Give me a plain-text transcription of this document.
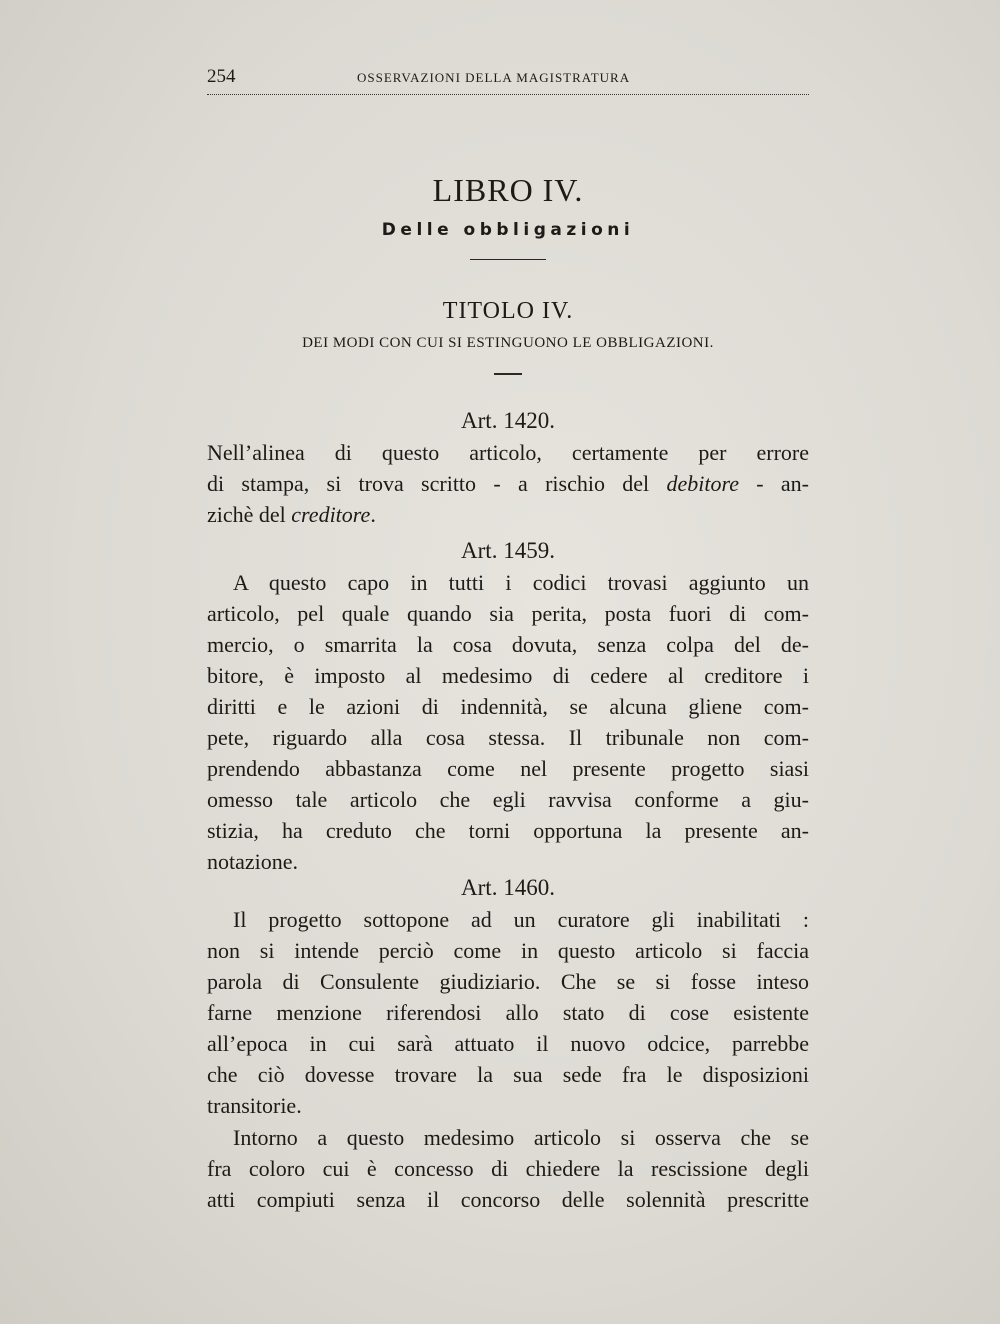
254	OSSERVAZIONI DELLA MAGISTRATURA
LIBRO IV.
Delle obbligazioni
TITOLO IV.
DEI MODI CON CUI SI ESTINGUONO LE OBBLIGAZIONI.
Art. 1420.
Nell’alinea di questo articolo, certamente per errore
di stampa, si trova scritto - a rischio del debitore - an-
zichè del creditore.
Art. 1459.
A questo capo in tutti i codici trovasi aggiunto un
articolo, pel quale quando sia perita, posta fuori di com-
mercio, o smarrita la cosa dovuta, senza colpa del de-
bitore, è imposto al medesimo di cedere al creditore i
diritti e le azioni di indennità, se alcuna gliene com-
pete, riguardo alla cosa stessa. Il tribunale non com-
prendendo abbastanza come nel presente progetto siasi
omesso tale articolo che egli ravvisa conforme a giu-
stizia, ha creduto che torni opportuna la presente an-
notazione.
Art. 1460.
Il progetto sottopone ad un curatore gli inabilitati :
non si intende perciò come in questo articolo si faccia
parola di Consulente giudiziario. Che se si fosse inteso
farne menzione riferendosi allo stato di cose esistente
all’epoca in cui sarà attuato il nuovo odcice, parrebbe
che ciò dovesse trovare la sua sede fra le disposizioni
transitorie.
Intorno a questo medesimo articolo si osserva che se
fra coloro cui è concesso di chiedere la rescissione degli
atti compiuti senza il concorso delle solennità prescritte
